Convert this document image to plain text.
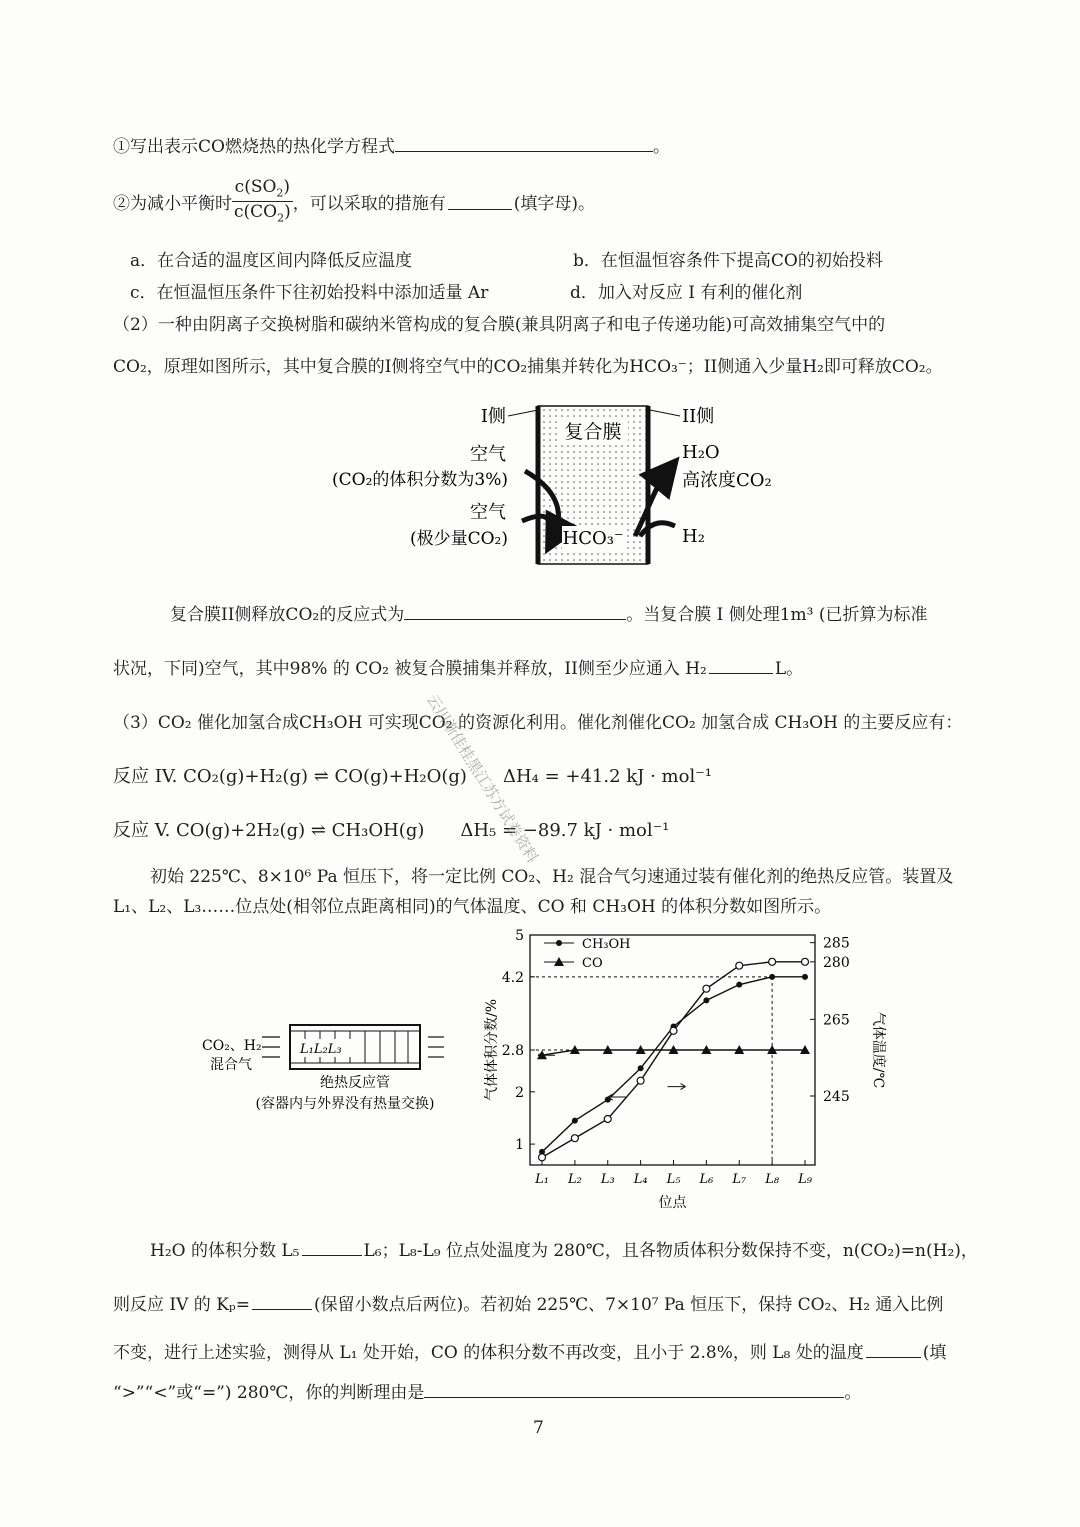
①写出表示CO燃烧热的热化学方程式	。
②为减小平衡时 $\frac{c(SO_2)}{c(CO_2)}$ ，可以采取的措施有	(填字母)。
a．在合适的温度区间内降低反应温度	b．在恒温恒容条件下提高CO的初始投料
c．在恒温恒压条件下往初始投料中添加适量 Ar	d．加入对反应 I 有利的催化剂
（2）一种由阴离子交换树脂和碳纳米管构成的复合膜(兼具阴离子和电子传递功能)可高效捕集空气中的
CO₂，原理如图所示，其中复合膜的I侧将空气中的CO₂捕集并转化为HCO₃⁻；II侧通入少量H₂即可释放CO₂。
I侧	II侧
复合膜
空气
(CO₂的体积分数为3%)
空气
(极少量CO₂)
H₂O
高浓度CO₂
H₂
HCO₃⁻
复合膜II侧释放CO₂的反应式为	。当复合膜 I 侧处理1m³ (已折算为标准
状况，下同)空气，其中98% 的 CO₂ 被复合膜捕集并释放，II侧至少应通入 H₂	L。
（3）CO₂ 催化加氢合成CH₃OH 可实现CO₂ 的资源化利用。催化剂催化CO₂ 加氢合成 CH₃OH 的主要反应有：
反应 IV. CO₂(g)+H₂(g) ⇌ CO(g)+H₂O(g)　　ΔH₄ = +41.2 kJ · mol⁻¹
反应 V. CO(g)+2H₂(g) ⇌ CH₃OH(g)　　ΔH₅ = −89.7 kJ · mol⁻¹
初始 225℃、8×10⁶ Pa 恒压下，将一定比例 CO₂、H₂ 混合气匀速通过装有催化剂的绝热反应管。装置及
L₁、L₂、L₃……位点处(相邻位点距离相同)的气体温度、CO 和 CH₃OH 的体积分数如图所示。
CO₂、H₂
混合气
L₁L₂L₃
绝热反应管
(容器内与外界没有热量交换)
1
2
2.8
4.2
5
245
265
280
285
L₁ L₂ L₃ L₄ L₅ L₆ L₇ L₈ L₉
CH₃OH
CO
位点
气体体积分数/%	气体温度/℃
H₂O 的体积分数 L₅	L₆；L₈-L₉ 位点处温度为 280℃，且各物质体积分数保持不变，n(CO₂)=n(H₂)，
则反应 IV 的 Kₚ=	(保留小数点后两位)。若初始 225℃、7×10⁷ Pa 恒压下，保持 CO₂、H₂ 通入比例
不变，进行上述实验，测得从 L₁ 处开始，CO 的体积分数不再改变，且小于 2.8%，则 L₈ 处的温度	(填
“>”“<”或“=”) 280℃，你的判断理由是	。
7
云川渐佳桂黑江苏方试卷资料
